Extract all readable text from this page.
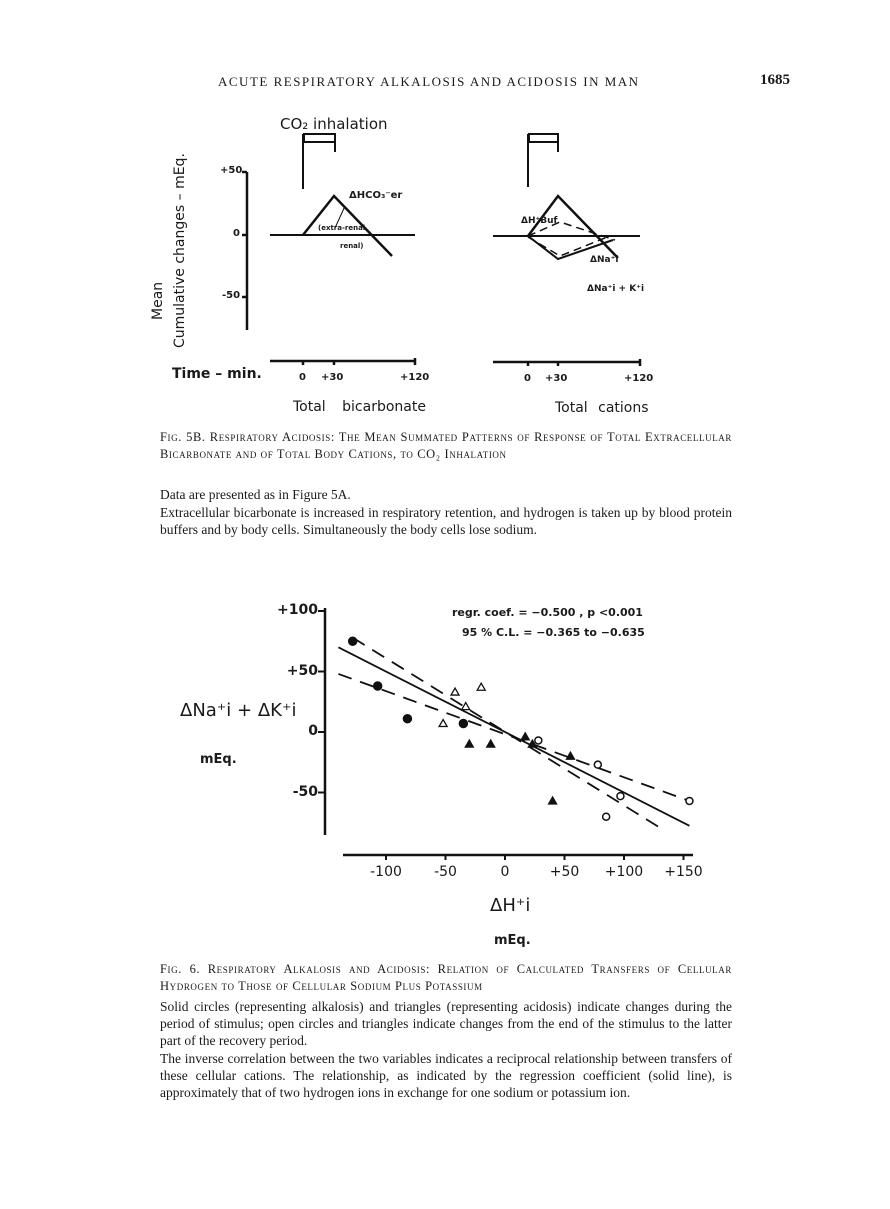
ACUTE RESPIRATORY ALKALOSIS AND ACIDOSIS IN MAN	1685
CO₂ inhalation
Mean Cumulative changes – mEq.	+50
0
-50
Time – min.	0 +30	+120	0 +30	+120
ΔHCO₃⁻er
(extra-renal
renal)
ΔH⁺Buf
ΔNa⁺i
ΔNa⁺i + K⁺i
Total bicarbonate	Total cations
Fig. 5B. Respiratory Acidosis: The Mean Summated Patterns of Response of Total Extracellular Bicarbonate and of Total Body Cations, to CO₂ Inhalation
Data are presented as in Figure 5A.
Extracellular bicarbonate is increased in respiratory retention, and hydrogen is taken up by blood protein buffers and by body cells. Simultaneously the body cells lose sodium.
regr. coef. = −0.500 , p <0.001
95 % C.L. = −0.365 to −0.635
ΔNa⁺i + ΔK⁺i
mEq.
ΔH⁺i
mEq.
Fig. 6. Respiratory Alkalosis and Acidosis: Relation of Calculated Transfers of Cellular Hydrogen to Those of Cellular Sodium Plus Potassium
Solid circles (representing alkalosis) and triangles (representing acidosis) indicate changes during the period of stimulus; open circles and triangles indicate changes from the end of the stimulus to the latter part of the recovery period.
The inverse correlation between the two variables indicates a reciprocal relationship between transfers of these cellular cations. The relationship, as indicated by the regression coefficient (solid line), is approximately that of two hydrogen ions in exchange for one sodium or potassium ion.
+100
+50
0
-50
-100	-50	0	+50	+100	+150
